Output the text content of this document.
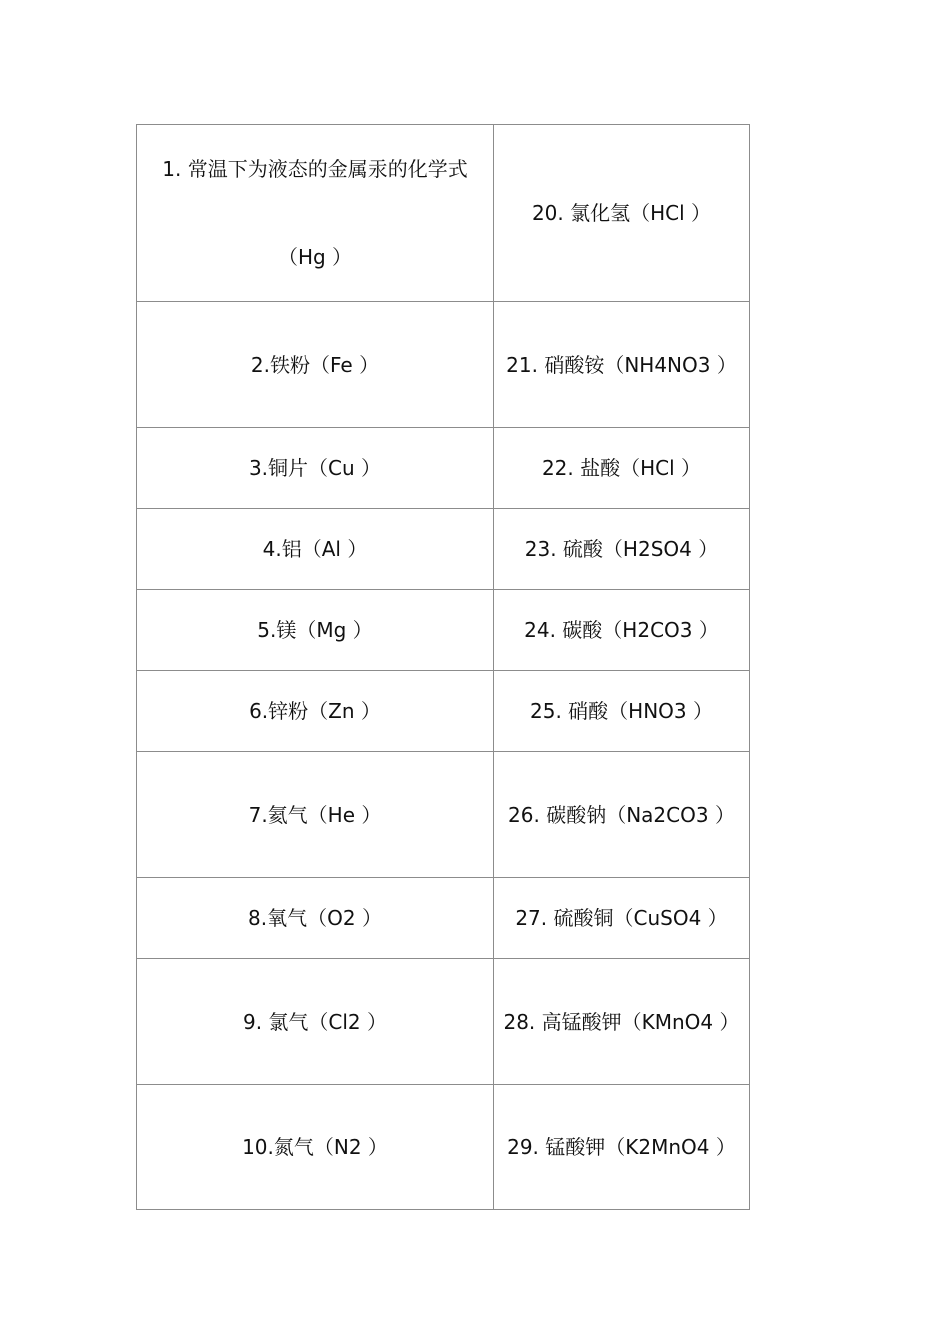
1. 常温下为液态的金属汞的化学式（Hg ）	20. 氯化氢（HCl ）
2.铁粉（Fe ）	21. 硝酸铵（NH4NO3 ）
3.铜片（Cu ）	22. 盐酸（HCl ）
4.铝（Al ）	23. 硫酸（H2SO4 ）
5.镁（Mg ）	24. 碳酸（H2CO3 ）
6.锌粉（Zn ）	25. 硝酸（HNO3 ）
7.氦气（He ）	26. 碳酸钠（Na2CO3 ）
8.氧气（O2 ）	27. 硫酸铜（CuSO4 ）
9. 氯气（Cl2 ）	28. 高锰酸钾（KMnO4 ）
10.氮气（N2 ）	29. 锰酸钾（K2MnO4 ）
